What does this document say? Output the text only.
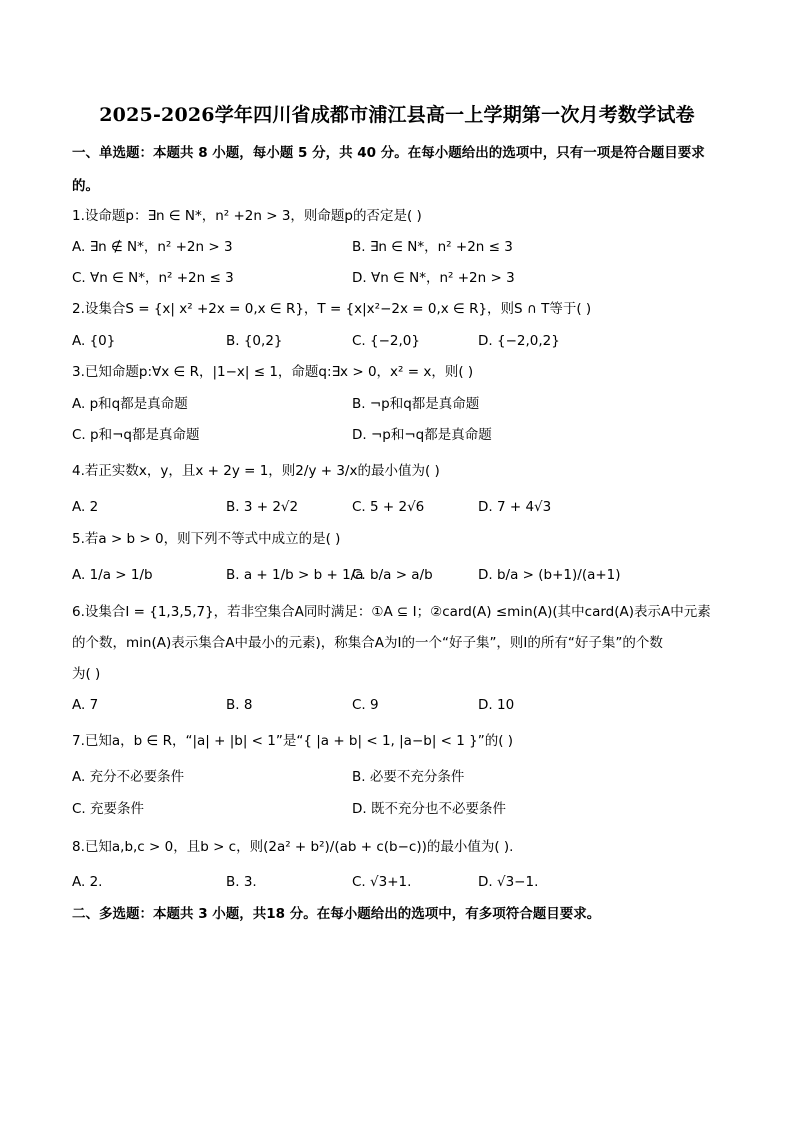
2025-2026学年四川省成都市浦江县高一上学期第一次月考数学试卷
一、单选题：本题共 8 小题，每小题 5 分，共 40 分。在每小题给出的选项中，只有一项是符合题目要求
的。
1.设命题p：∃n ∈ N*，n² +2n > 3，则命题p的否定是( )
A. ∃n ∉ N*，n² +2n > 3	B. ∃n ∈ N*，n² +2n ≤ 3
C. ∀n ∈ N*，n² +2n ≤ 3	D. ∀n ∈ N*，n² +2n > 3
2.设集合S = {x| x² +2x = 0,x ∈ R}，T = {x|x²−2x = 0,x ∈ R}，则S ∩ T等于( )
A. {0}	B. {0,2}	C. {−2,0}	D. {−2,0,2}
3.已知命题p:∀x ∈ R，|1−x| ≤ 1，命题q:∃x > 0，x² = x，则( )
A. p和q都是真命题	B. ¬p和q都是真命题
C. p和¬q都是真命题	D. ¬p和¬q都是真命题
4.若正实数x，y，且x + 2y = 1，则2/y + 3/x的最小值为( )
A. 2	B. 3 + 2√2	C. 5 + 2√6	D. 7 + 4√3
5.若a > b > 0，则下列不等式中成立的是( )
A. 1/a > 1/b	B. a + 1/b > b + 1/a
C. b/a > a/b	D. b/a > (b+1)/(a+1)
6.设集合I = {1,3,5,7}，若非空集合A同时满足：①A ⊆ I；②card(A) ≤min(A)(其中card(A)表示A中元素
的个数，min(A)表示集合A中最小的元素)，称集合A为I的一个“好子集”，则I的所有“好子集”的个数
为( )
A. 7	B. 8	C. 9	D. 10
7.已知a，b ∈ R，“|a| + |b| < 1”是“{ |a + b| < 1, |a−b| < 1 }”的( )
A. 充分不必要条件	B. 必要不充分条件
C. 充要条件	D. 既不充分也不必要条件
8.已知a,b,c > 0，且b > c，则(2a² + b²)/(ab + c(b−c))的最小值为( ).
A. 2.	B. 3.	C. √3+1.	D. √3−1.
二、多选题：本题共 3 小题，共18 分。在每小题给出的选项中，有多项符合题目要求。
